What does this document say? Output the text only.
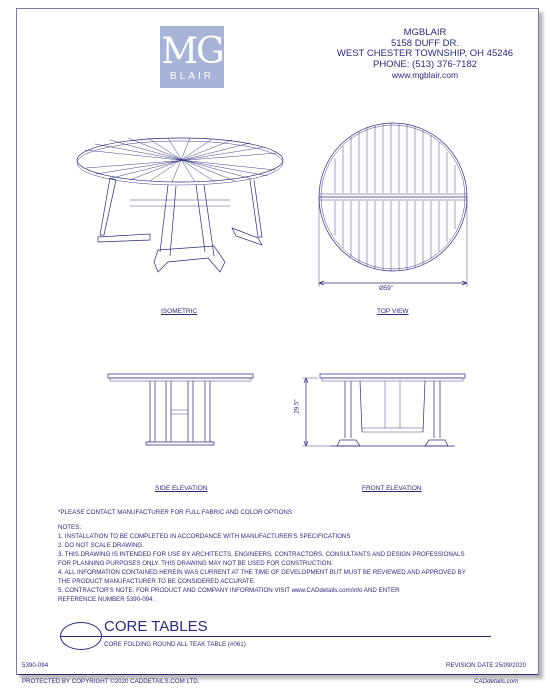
MG
BLAIR
MGBLAIR
5158 DUFF DR.
WEST CHESTER TOWNSHIP, OH 45246
PHONE: (513) 376-7182
www.mgblair.com
Ø59"
29.5"
ISOMETRIC	TOP VIEW
SIDE ELEVATION	FRONT ELEVATION
*PLEASE CONTACT MANUFACTURER FOR FULL FABRIC AND COLOR OPTIONS
NOTES:
1. INSTALLATION TO BE COMPLETED IN ACCORDANCE WITH MANUFACTURER'S SPECIFICATIONS
2. DO NOT SCALE DRAWING.
3. THIS DRAWING IS INTENDED FOR USE BY ARCHITECTS, ENGINEERS, CONTRACTORS, CONSULTANTS AND DESIGN PROFESSIONALS
FOR PLANNING PURPOSES ONLY. THIS DRAWING MAY NOT BE USED FOR CONSTRUCTION.
4. ALL INFORMATION CONTAINED HEREIN WAS CURRENT AT THE TIME OF DEVELOPMENT BUT MUST BE REVIEWED AND APPROVED BY
THE PRODUCT MANUFACTURER TO BE CONSIDERED ACCURATE.
5. CONTRACTOR'S NOTE: FOR PRODUCT AND COMPANY INFORMATION VISIT www.CADdetails.com/info AND ENTER
REFERENCE NUMBER 5390-094.
CORE TABLES
CORE FOLDING ROUND ALL TEAK TABLE (#061)
5390-094	REVISION DATE 25/09/2020
PROTECTED BY COPYRIGHT ©2020 CADDETAILS.COM LTD.	CADdetails.com
